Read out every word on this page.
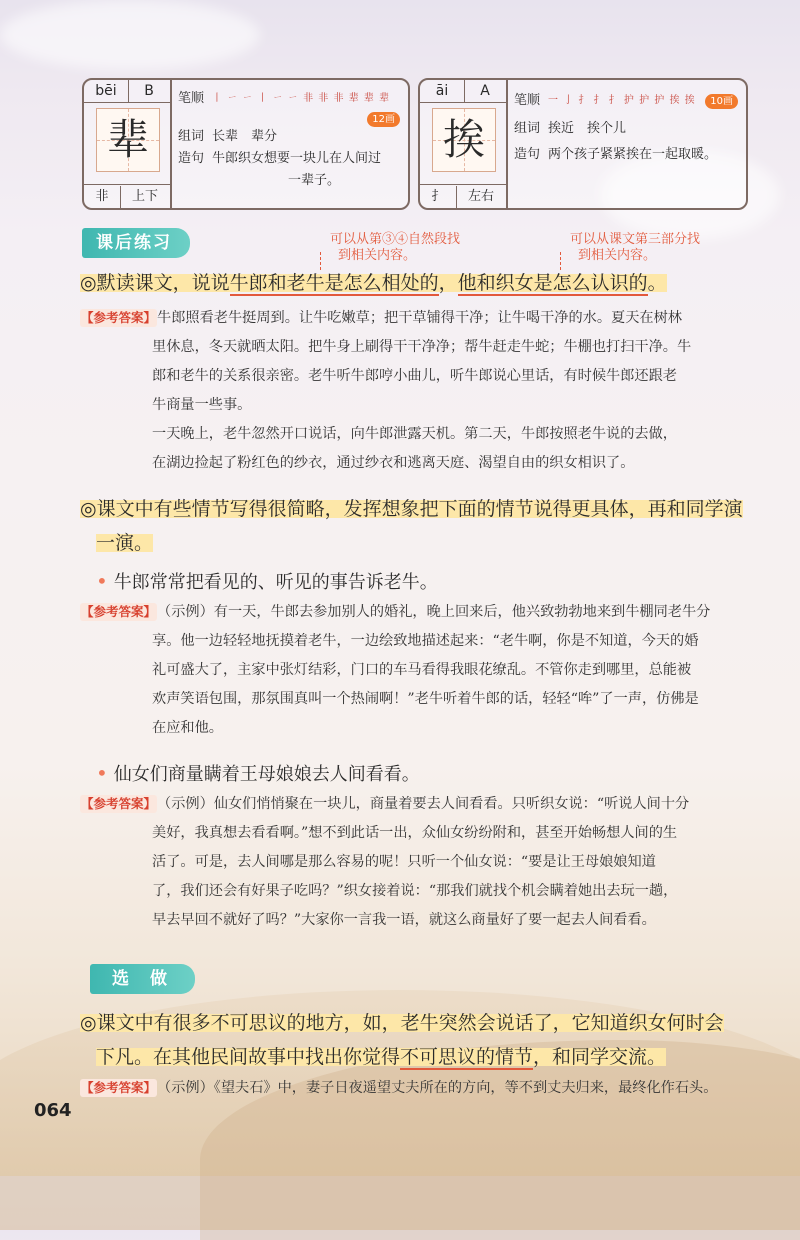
bēi	B
辈
非	上下
笔顺 丨 ㄧ ㄧ 丨 ㄧ ㄧ 非 非 非 辈 辈 辈
12画
组词 长辈　辈分
造句 牛郎织女想要一块儿在人间过
一辈子。
āi	A
挨
扌	左右
笔顺 一 亅 扌 扌 扌 护 护 护 挨 挨	10画
组词 挨近　挨个儿
造句 两个孩子紧紧挨在一起取暖。
课后练习	可以从第③④自然段找
到相关内容。
可以从课文第三部分找
到相关内容。
◎默读课文，说说牛郎和老牛是怎么相处的，他和织女是怎么认识的。
【参考答案】牛郎照看老牛挺周到。让牛吃嫩草；把干草铺得干净；让牛喝干净的水。夏天在树林
里休息，冬天就晒太阳。把牛身上刷得干干净净；帮牛赶走牛蛇；牛棚也打扫干净。牛
郎和老牛的关系很亲密。老牛听牛郎哼小曲儿，听牛郎说心里话，有时候牛郎还跟老
牛商量一些事。
一天晚上，老牛忽然开口说话，向牛郎泄露天机。第二天，牛郎按照老牛说的去做，
在湖边捡起了粉红色的纱衣，通过纱衣和逃离天庭、渴望自由的织女相识了。
◎课文中有些情节写得很简略，发挥想象把下面的情节说得更具体，再和同学演
一演。
• 牛郎常常把看见的、听见的事告诉老牛。
【参考答案】（示例）有一天，牛郎去参加别人的婚礼，晚上回来后，他兴致勃勃地来到牛棚同老牛分
享。他一边轻轻地抚摸着老牛，一边绘致地描述起来：“老牛啊，你是不知道，今天的婚
礼可盛大了，主家中张灯结彩，门口的车马看得我眼花缭乱。不管你走到哪里，总能被
欢声笑语包围，那氛围真叫一个热闹啊！”老牛听着牛郎的话，轻轻“哞”了一声，仿佛是
在应和他。
• 仙女们商量瞒着王母娘娘去人间看看。
【参考答案】（示例）仙女们悄悄聚在一块儿，商量着要去人间看看。只听织女说：“听说人间十分
美好，我真想去看看啊。”想不到此话一出，众仙女纷纷附和，甚至开始畅想人间的生
活了。可是，去人间哪是那么容易的呢！只听一个仙女说：“要是让王母娘娘知道
了，我们还会有好果子吃吗？”织女接着说：“那我们就找个机会瞒着她出去玩一趟，
早去早回不就好了吗？”大家你一言我一语，就这么商量好了要一起去人间看看。
选　做
◎课文中有很多不可思议的地方，如，老牛突然会说话了，它知道织女何时会
下凡。在其他民间故事中找出你觉得不可思议的情节，和同学交流。
【参考答案】（示例）《望夫石》中，妻子日夜遥望丈夫所在的方向，等不到丈夫归来，最终化作石头。
064
